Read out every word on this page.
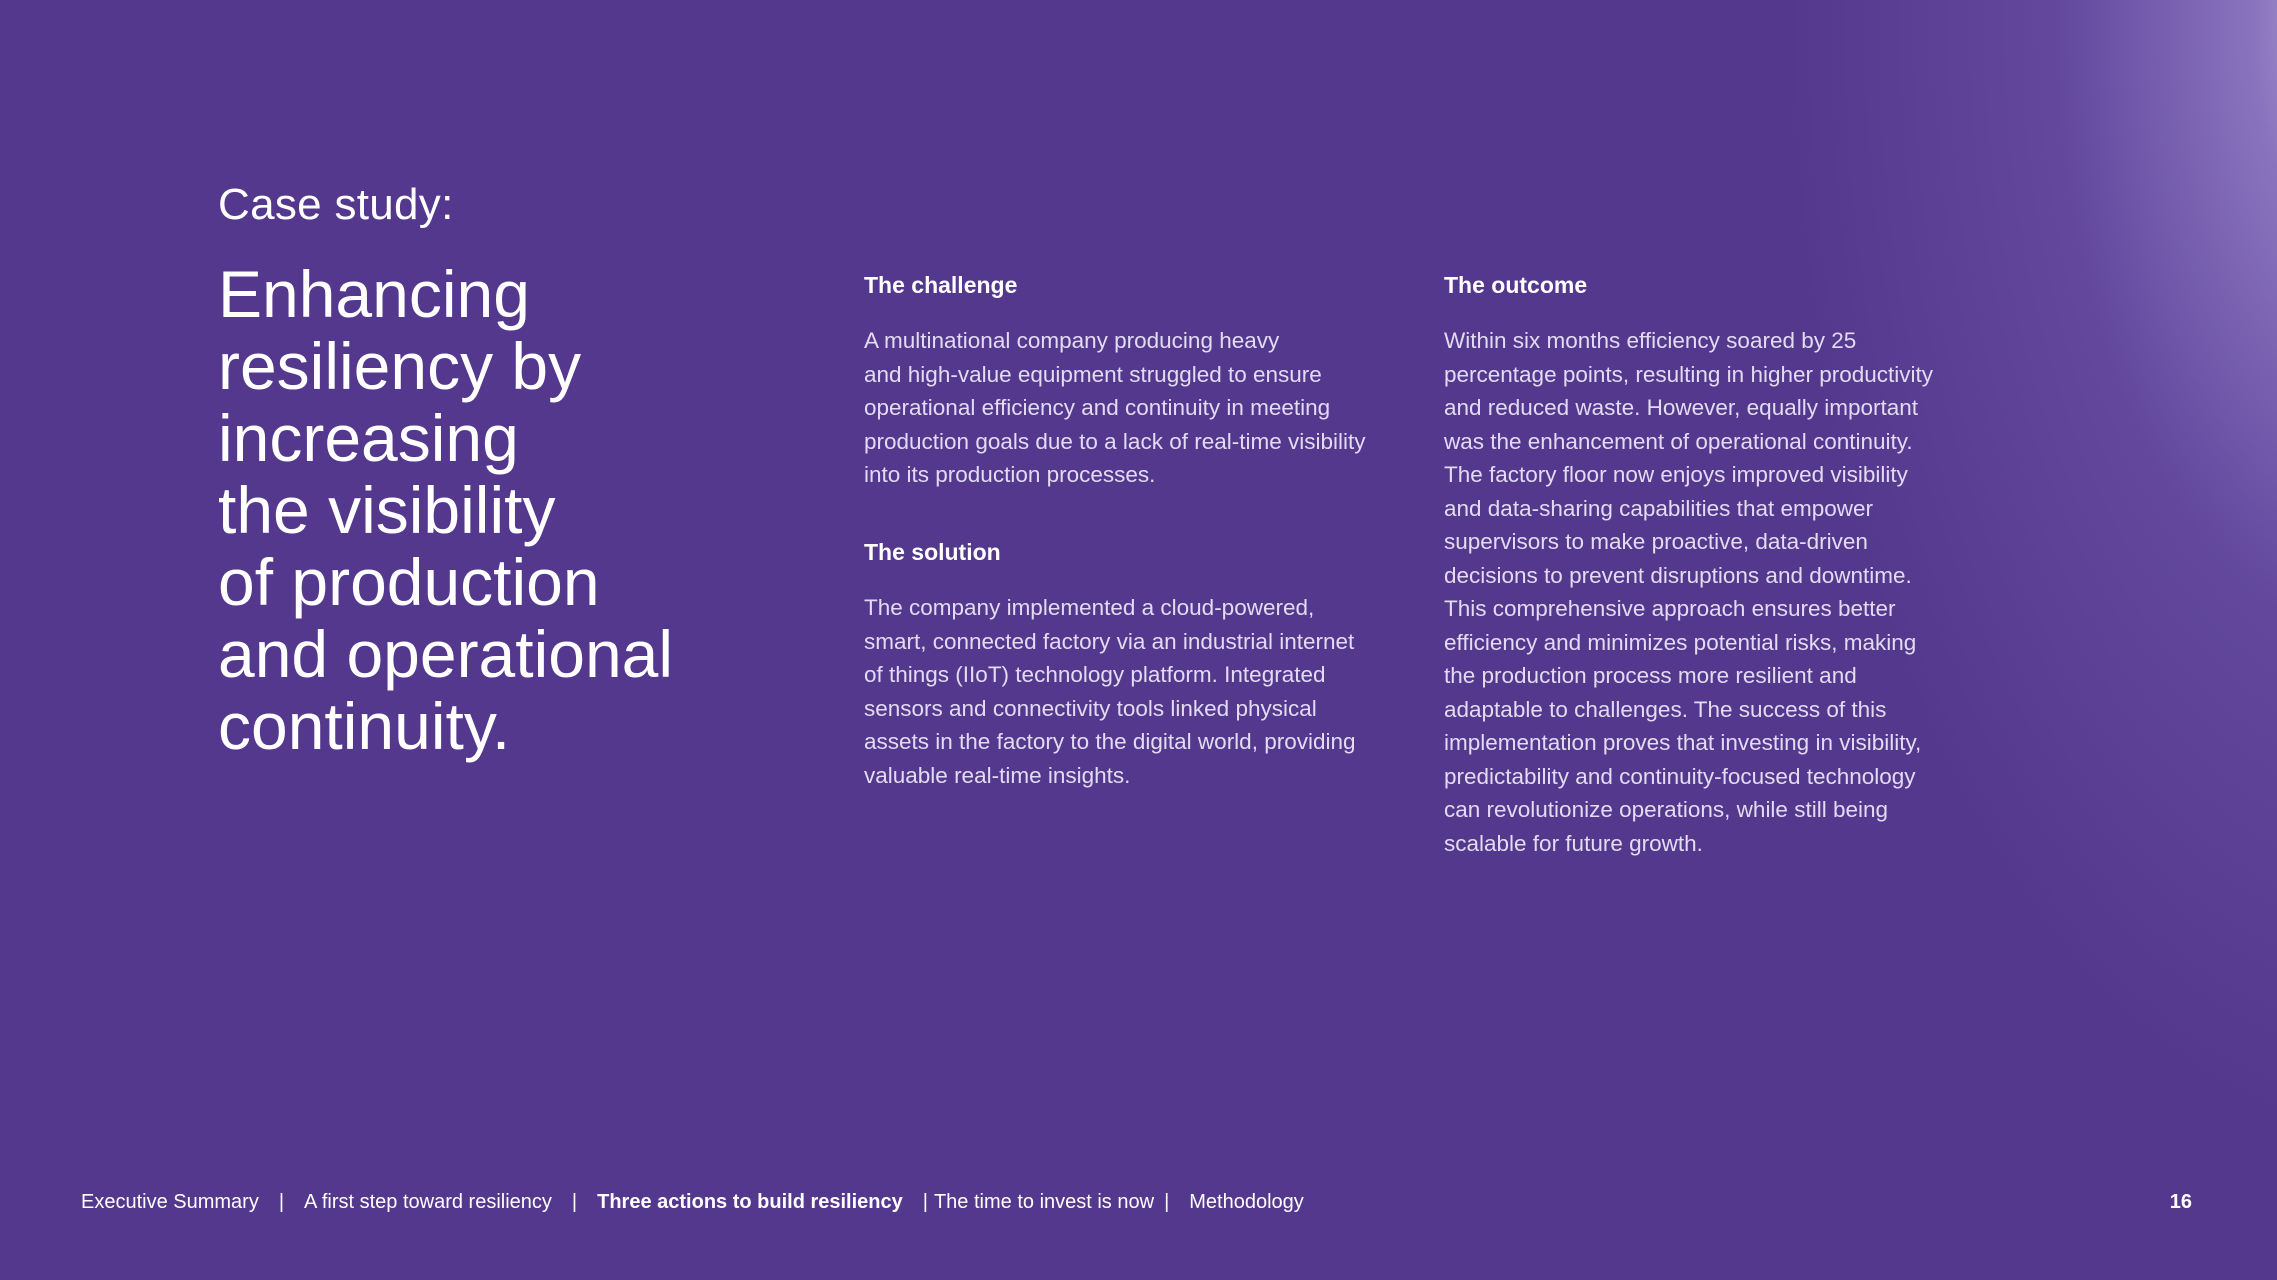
Case study:
Enhancing
resiliency by
increasing
the visibility
of production
and operational
continuity.
The challenge

A multinational company producing heavy
and high-value equipment struggled to ensure
operational efficiency and continuity in meeting
production goals due to a lack of real-time visibility
into its production processes.

The solution

The company implemented a cloud-powered,
smart, connected factory via an industrial internet
of things (IIoT) technology platform. Integrated
sensors and connectivity tools linked physical
assets in the factory to the digital world, providing
valuable real-time insights.

The outcome

Within six months efficiency soared by 25
percentage points, resulting in higher productivity
and reduced waste. However, equally important
was the enhancement of operational continuity.
The factory floor now enjoys improved visibility
and data-sharing capabilities that empower
supervisors to make proactive, data-driven
decisions to prevent disruptions and downtime.
This comprehensive approach ensures better
efficiency and minimizes potential risks, making
the production process more resilient and
adaptable to challenges. The success of this
implementation proves that investing in visibility,
predictability and continuity-focused technology
can revolutionize operations, while still being
scalable for future growth.

Executive Summary | A first step toward resiliency | Three actions to build resiliency | The time to invest is now | Methodology	16
